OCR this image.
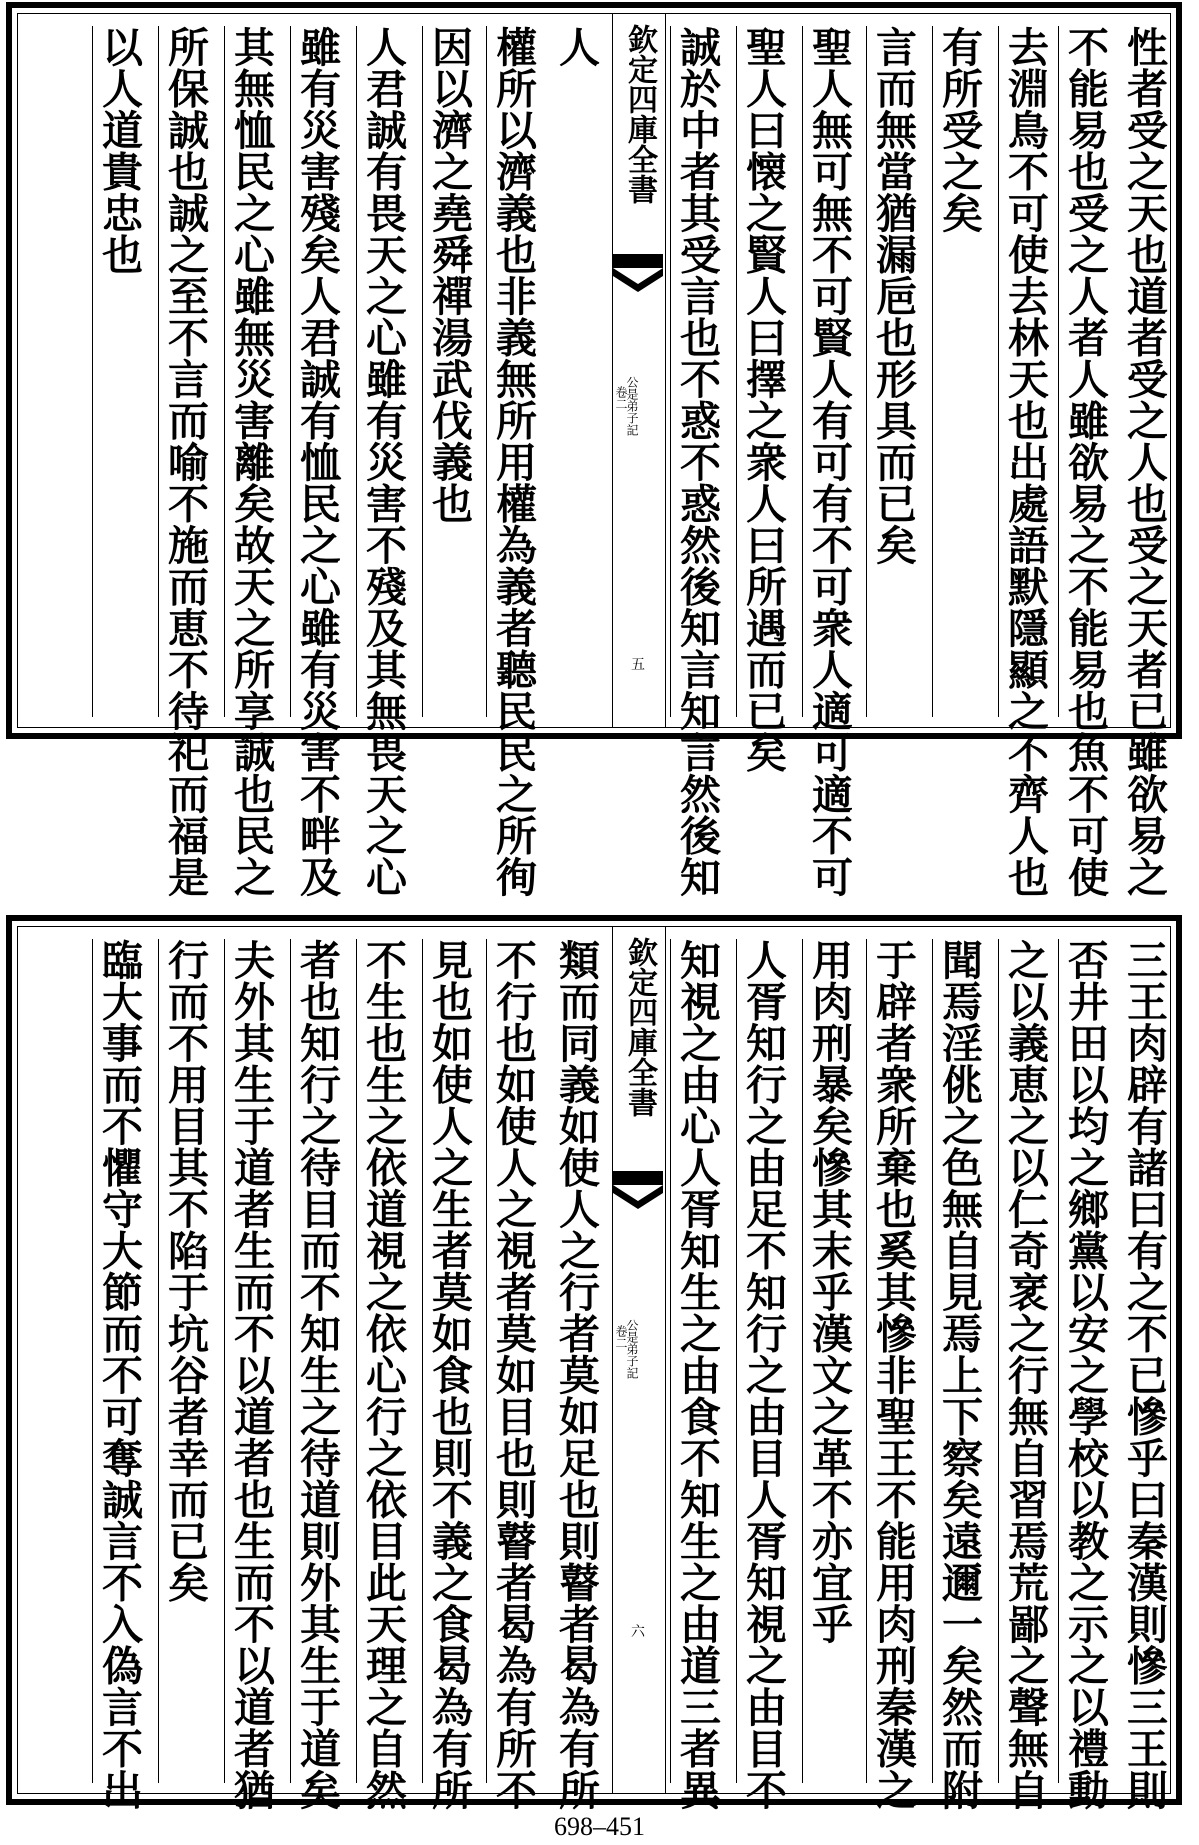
性者受之天也道者受之人也受之天者已雖欲易之
不能易也受之人者人雖欲易之不能易也魚不可使
去淵鳥不可使去林天也出處語默隱顯之不齊人也
有所受之矣
言而無當猶漏巵也形具而已矣
聖人無可無不可賢人有可有不可衆人適可適不可
聖人曰懐之賢人曰擇之衆人曰所遇而已矣
誠於中者其受言也不惑不惑然後知言知言然後知
欽定四庫全書
公是弟子記
卷二
五
人
權所以濟義也非義無所用權為義者聽民民之所徇
因以濟之堯舜禪湯武伐義也
人君誠有畏天之心雖有災害不殘及其無畏天之心
雖有災害殘矣人君誠有恤民之心雖有災害不畔及
其無恤民之心雖無災害離矣故天之所享誠也民之
所保誠也誠之至不言而喻不施而恵不待祀而福是
以人道貴忠也
三王肉辟有諸曰有之不已慘乎曰秦漢則慘三王則
否井田以均之鄉黨以安之學校以教之示之以禮動
之以義恵之以仁奇衺之行無自習焉荒鄙之聲無自
聞焉淫佻之色無自見焉上下察矣遠邇一矣然而附
于辟者衆所棄也奚其慘非聖王不能用肉刑秦漢之
用肉刑暴矣慘其末乎漢文之革不亦宜乎
人胥知行之由足不知行之由目人胥知視之由目不
知視之由心人胥知生之由食不知生之由道三者異
欽定四庫全書
公是弟子記
卷二
六
類而同義如使人之行者莫如足也則瞽者曷為有所
不行也如使人之視者莫如目也則瞽者曷為有所不
見也如使人之生者莫如食也則不義之食曷為有所
不生也生之依道視之依心行之依目此天理之自然
者也知行之待目而不知生之待道則外其生于道矣
夫外其生于道者生而不以道者也生而不以道者猶
行而不用目其不陷于坑谷者幸而已矣
臨大事而不懼守大節而不可奪誠言不入偽言不出
698–451
